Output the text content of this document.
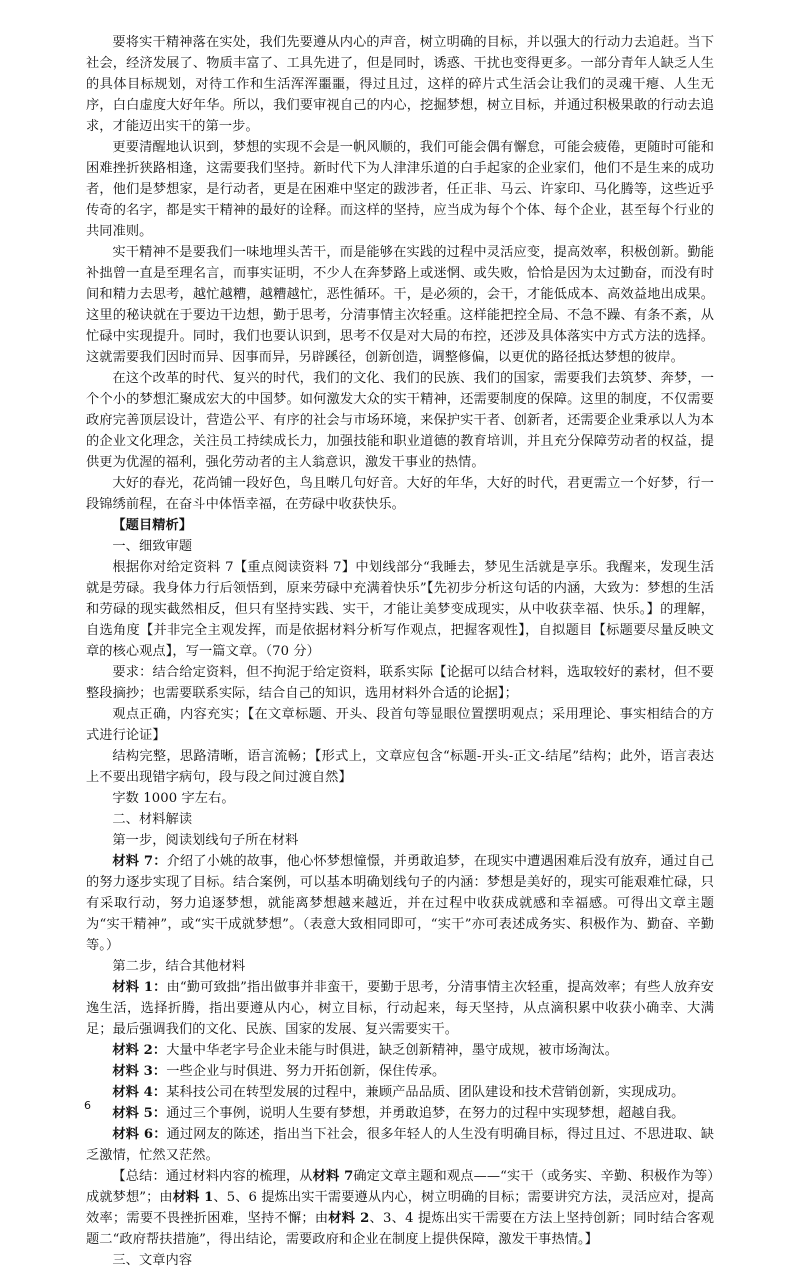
要将实干精神落在实处，我们先要遵从内心的声音，树立明确的目标，并以强大的行动力去追赶。当下社会，经济发展了、物质丰富了、工具先进了，但是同时，诱惑、干扰也变得更多。一部分青年人缺乏人生的具体目标规划，对待工作和生活浑浑噩噩，得过且过，这样的碎片式生活会让我们的灵魂干瘪、人生无序，白白虚度大好年华。所以，我们要审视自己的内心，挖掘梦想，树立目标，并通过积极果敢的行动去追求，才能迈出实干的第一步。

更要清醒地认识到，梦想的实现不会是一帆风顺的，我们可能会偶有懈怠，可能会疲倦，更随时可能和困难挫折狭路相逢，这需要我们坚持。新时代下为人津津乐道的白手起家的企业家们，他们不是生来的成功者，他们是梦想家，是行动者，更是在困难中坚定的跋涉者，任正非、马云、许家印、马化腾等，这些近乎传奇的名字，都是实干精神的最好的诠释。而这样的坚持，应当成为每个个体、每个企业，甚至每个行业的共同准则。

实干精神不是要我们一味地埋头苦干，而是能够在实践的过程中灵活应变，提高效率，积极创新。勤能补拙曾一直是至理名言，而事实证明，不少人在奔梦路上或迷惘、或失败，恰恰是因为太过勤奋，而没有时间和精力去思考，越忙越糟，越糟越忙，恶性循环。干，是必须的，会干，才能低成本、高效益地出成果。这里的秘诀就在于要边干边想，勤于思考，分清事情主次轻重。这样能把控全局、不急不躁、有条不紊，从忙碌中实现提升。同时，我们也要认识到，思考不仅是对大局的布控，还涉及具体落实中方式方法的选择。这就需要我们因时而异、因事而异，另辟蹊径，创新创造，调整修偏，以更优的路径抵达梦想的彼岸。

在这个改革的时代、复兴的时代，我们的文化、我们的民族、我们的国家，需要我们去筑梦、奔梦，一个个小的梦想汇聚成宏大的中国梦。如何激发大众的实干精神，还需要制度的保障。这里的制度，不仅需要政府完善顶层设计，营造公平、有序的社会与市场环境，来保护实干者、创新者，还需要企业秉承以人为本的企业文化理念，关注员工持续成长力，加强技能和职业道德的教育培训，并且充分保障劳动者的权益，提供更为优渥的福利，强化劳动者的主人翁意识，激发干事业的热情。

大好的春光，花尚铺一段好色，鸟且啭几句好音。大好的年华，大好的时代，君更需立一个好梦，行一段锦绣前程，在奋斗中体悟幸福，在劳碌中收获快乐。

【题目精析】

一、细致审题

根据你对给定资料 7【重点阅读资料 7】中划线部分“我睡去，梦见生活就是享乐。我醒来，发现生活就是劳碌。我身体力行后领悟到，原来劳碌中充满着快乐”【先初步分析这句话的内涵，大致为：梦想的生活和劳碌的现实截然相反，但只有坚持实践、实干，才能让美梦变成现实，从中收获幸福、快乐。】的理解，自选角度【并非完全主观发挥，而是依据材料分析写作观点，把握客观性】，自拟题目【标题要尽量反映文章的核心观点】，写一篇文章。（70 分）

要求：结合给定资料，但不拘泥于给定资料，联系实际【论据可以结合材料，选取较好的素材，但不要整段摘抄；也需要联系实际，结合自己的知识，选用材料外合适的论据】；

观点正确，内容充实；【在文章标题、开头、段首句等显眼位置摆明观点；采用理论、事实相结合的方式进行论证】

结构完整，思路清晰，语言流畅；【形式上，文章应包含“标题-开头-正文-结尾”结构；此外，语言表达上不要出现错字病句，段与段之间过渡自然】

字数 1000 字左右。

二、材料解读

第一步，阅读划线句子所在材料

材料 7：介绍了小姚的故事，他心怀梦想憧憬，并勇敢追梦，在现实中遭遇困难后没有放弃，通过自己的努力逐步实现了目标。结合案例，可以基本明确划线句子的内涵：梦想是美好的，现实可能艰难忙碌，只有采取行动，努力追逐梦想，就能离梦想越来越近，并在过程中收获成就感和幸福感。可得出文章主题为“实干精神”，或“实干成就梦想”。（表意大致相同即可，“实干”亦可表述成务实、积极作为、勤奋、辛勤等。）

第二步，结合其他材料

材料 1：由“勤可致拙”指出做事并非蛮干，要勤于思考，分清事情主次轻重，提高效率；有些人放弃安逸生活，选择折腾，指出要遵从内心，树立目标，行动起来，每天坚持，从点滴积累中收获小确幸、大满足；最后强调我们的文化、民族、国家的发展、复兴需要实干。

材料 2：大量中华老字号企业未能与时俱进，缺乏创新精神，墨守成规，被市场淘汰。

材料 3：一些企业与时俱进、努力开拓创新，保住传承。

材料 4：某科技公司在转型发展的过程中，兼顾产品品质、团队建设和技术营销创新，实现成功。

材料 5：通过三个事例，说明人生要有梦想，并勇敢追梦，在努力的过程中实现梦想，超越自我。

材料 6：通过网友的陈述，指出当下社会，很多年轻人的人生没有明确目标，得过且过、不思进取、缺乏激情，忙然又茫然。

【总结：通过材料内容的梳理，从材料 7确定文章主题和观点——“实干（或务实、辛勤、积极作为等）成就梦想”；由材料 1、5、6 提炼出实干需要遵从内心，树立明确的目标；需要讲究方法，灵活应对，提高效率；需要不畏挫折困难，坚持不懈；由材料 2、3、4 提炼出实干需要在方法上坚持创新；同时结合客观题二“政府帮扶措施”，得出结论，需要政府和企业在制度上提供保障，激发干事热情。】

三、文章内容

6
